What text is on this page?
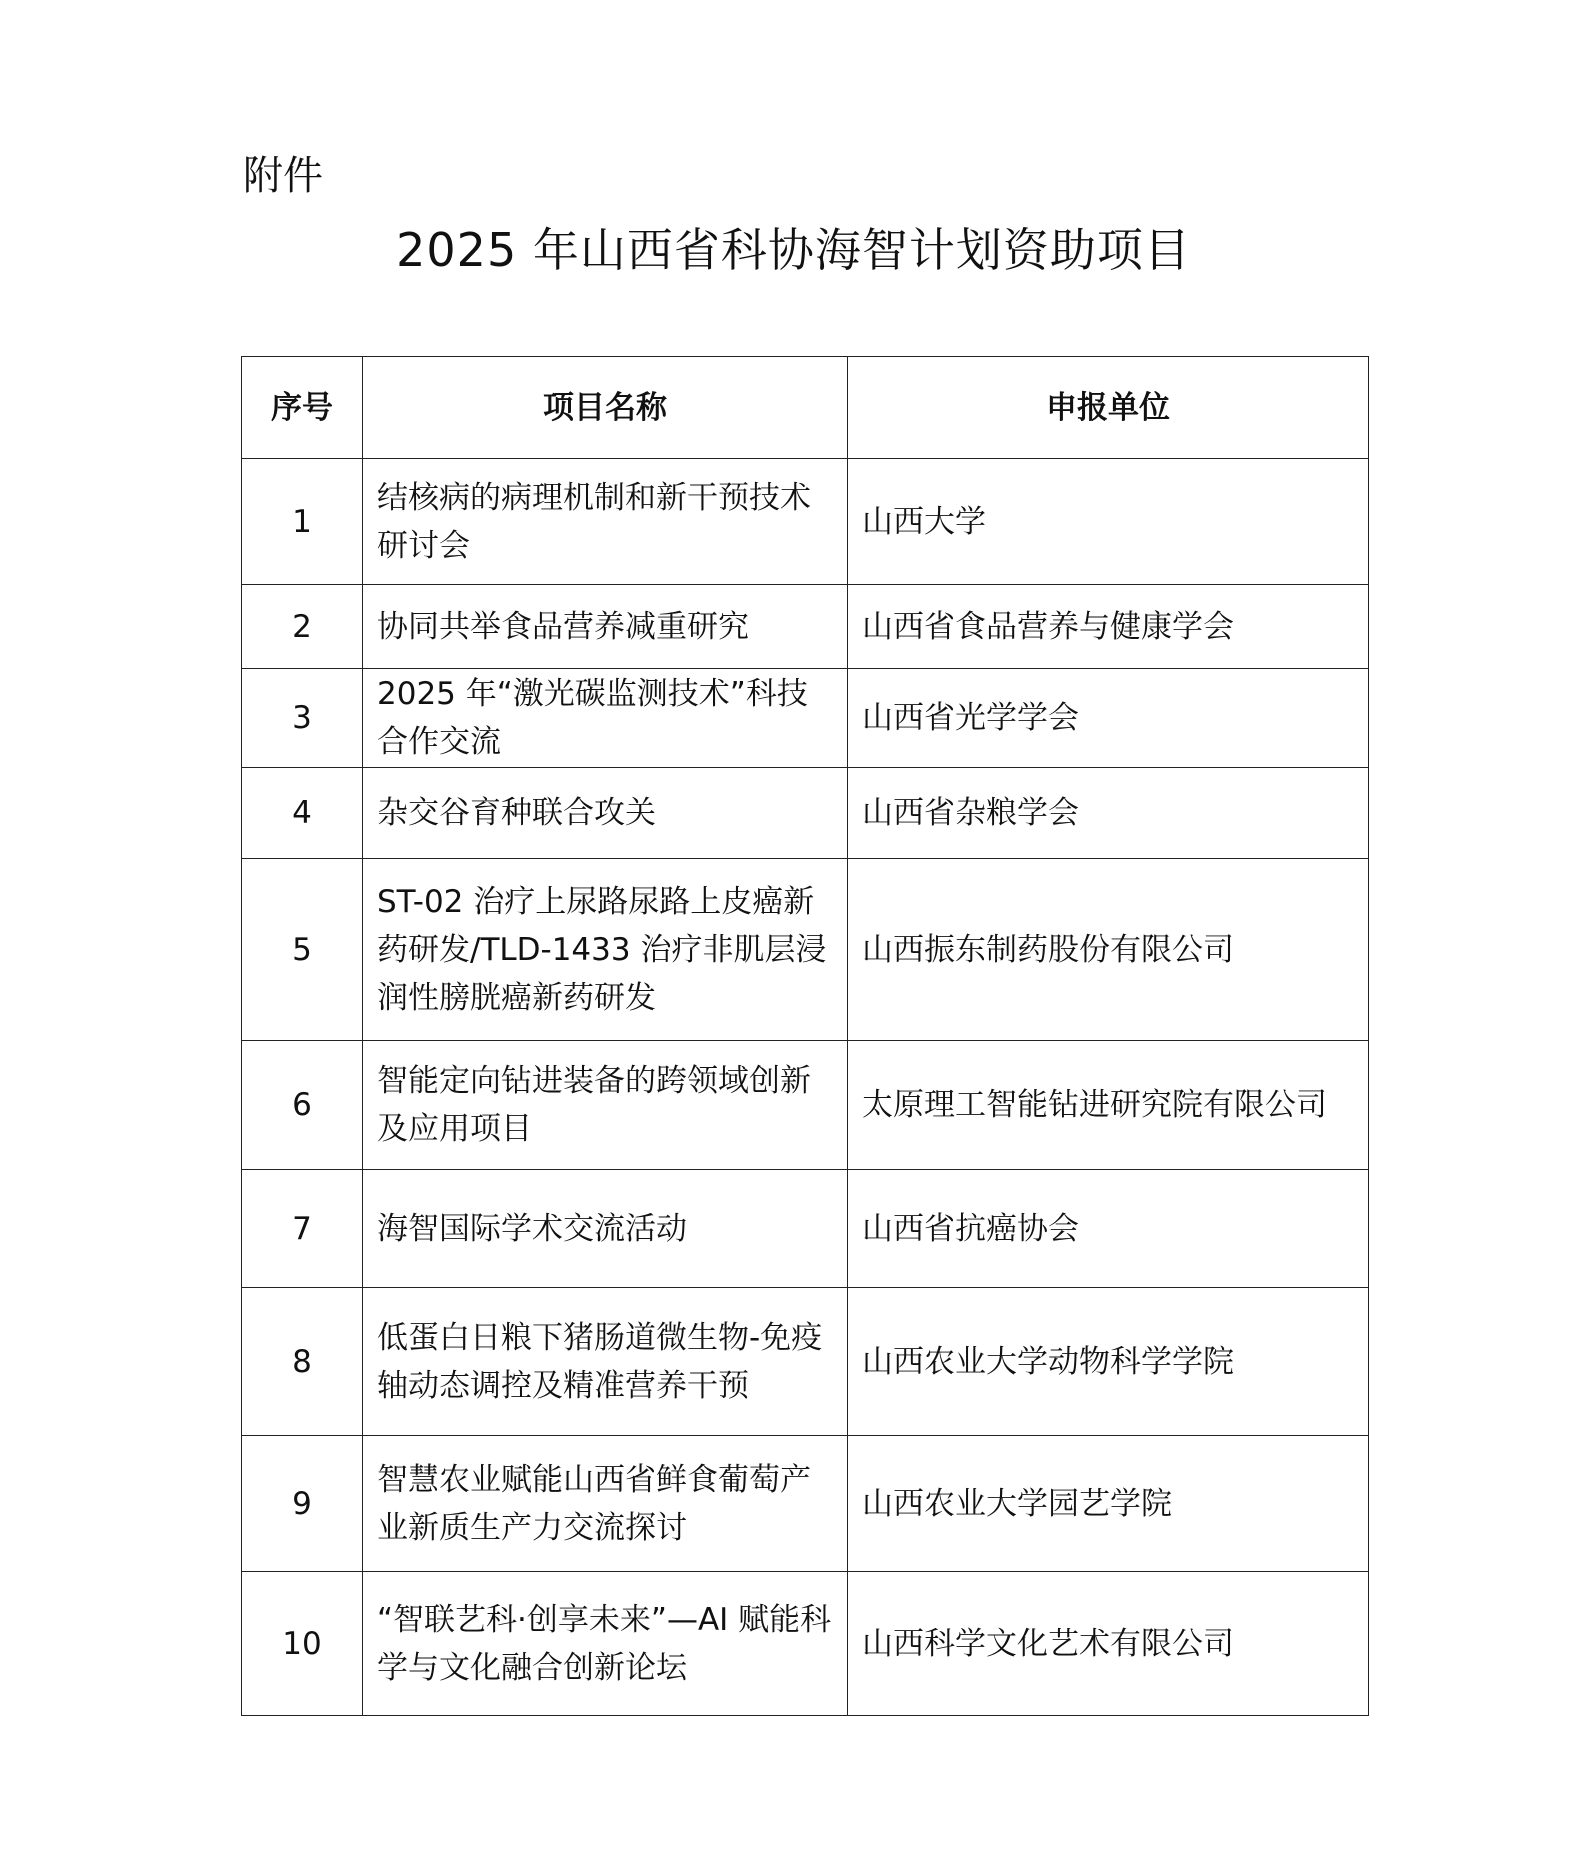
附件
2025 年山西省科协海智计划资助项目
序号	项目名称	申报单位
1	结核病的病理机制和新干预技术研讨会	山西大学
2	协同共举食品营养减重研究	山西省食品营养与健康学会
3	2025 年“激光碳监测技术”科技合作交流	山西省光学学会
4	杂交谷育种联合攻关	山西省杂粮学会
5	ST-02 治疗上尿路尿路上皮癌新药研发/TLD-1433 治疗非肌层浸润性膀胱癌新药研发	山西振东制药股份有限公司
6	智能定向钻进装备的跨领域创新及应用项目	太原理工智能钻进研究院有限公司
7	海智国际学术交流活动	山西省抗癌协会
8	低蛋白日粮下猪肠道微生物-免疫轴动态调控及精准营养干预	山西农业大学动物科学学院
9	智慧农业赋能山西省鲜食葡萄产业新质生产力交流探讨	山西农业大学园艺学院
10	“智联艺科·创享未来”—AI 赋能科学与文化融合创新论坛	山西科学文化艺术有限公司
